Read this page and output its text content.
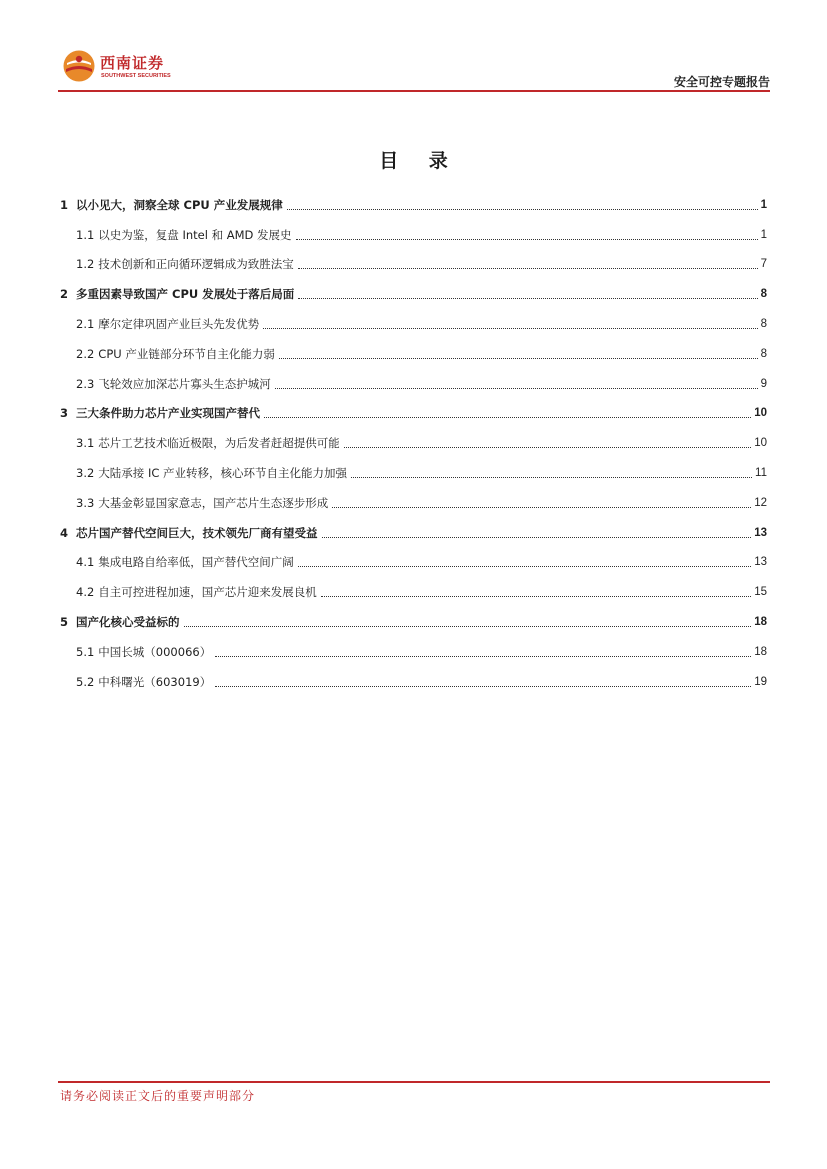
西南证券
SOUTHWEST SECURITIES	安全可控专题报告
目 录
1 以小见大，洞察全球 CPU 产业发展规律	1
1.1 以史为鉴，复盘 Intel 和 AMD 发展史	1
1.2 技术创新和正向循环逻辑成为致胜法宝	7
2 多重因素导致国产 CPU 发展处于落后局面	8
2.1 摩尔定律巩固产业巨头先发优势	8
2.2 CPU 产业链部分环节自主化能力弱	8
2.3 飞轮效应加深芯片寡头生态护城河	9
3 三大条件助力芯片产业实现国产替代	10
3.1 芯片工艺技术临近极限，为后发者赶超提供可能	10
3.2 大陆承接 IC 产业转移，核心环节自主化能力加强	11
3.3 大基金彰显国家意志，国产芯片生态逐步形成	12
4 芯片国产替代空间巨大，技术领先厂商有望受益	13
4.1 集成电路自给率低，国产替代空间广阔	13
4.2 自主可控进程加速，国产芯片迎来发展良机	15
5 国产化核心受益标的	18
5.1 中国长城（000066）	18
5.2 中科曙光（603019）	19
请务必阅读正文后的重要声明部分
